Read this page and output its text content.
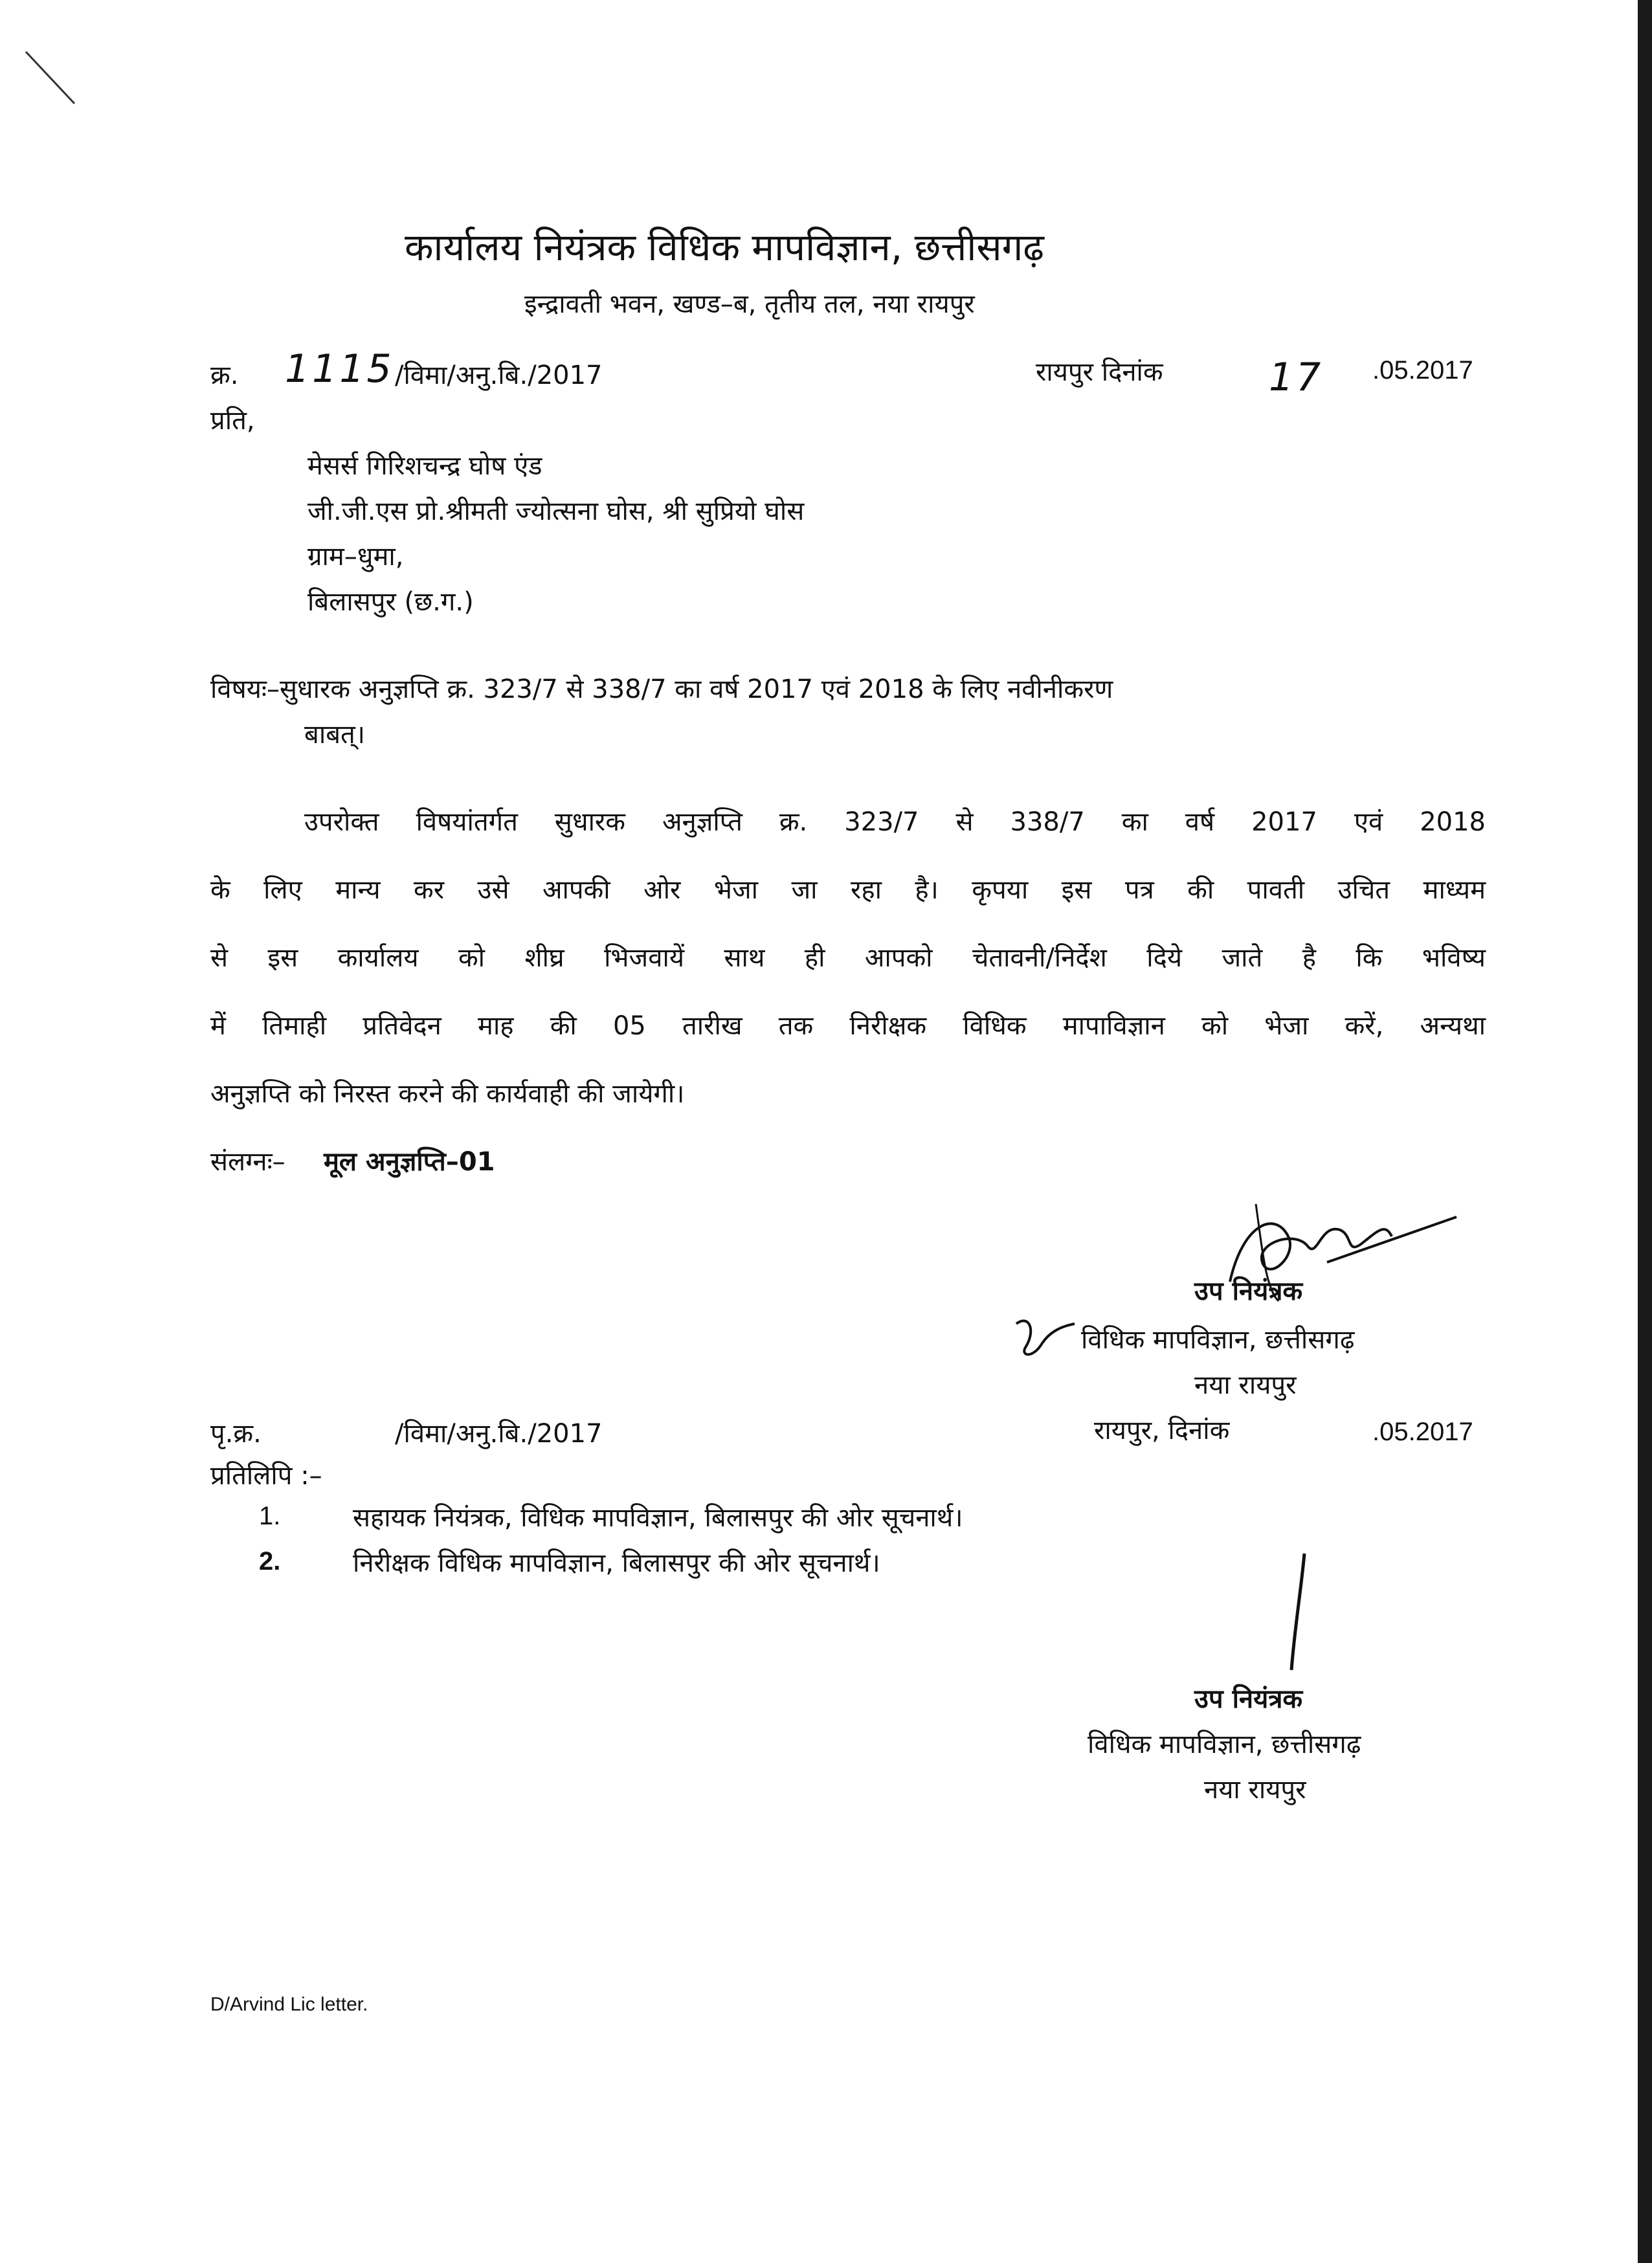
कार्यालय नियंत्रक विधिक मापविज्ञान, छत्तीसगढ़
इन्द्रावती भवन, खण्ड–ब, तृतीय तल, नया रायपुर
क्र. 1115 /विमा/अनु.बि./2017	रायपुर दिनांक	17 .05.2017
प्रति,
मेसर्स गिरिशचन्द्र घोष एंड
जी.जी.एस प्रो.श्रीमती ज्योत्सना घोस, श्री सुप्रियो घोस
ग्राम–धुमा,
बिलासपुर (छ.ग.)
विषयः–सुधारक अनुज्ञप्ति क्र. 323/7 से 338/7 का वर्ष 2017 एवं 2018 के लिए नवीनीकरण
बाबत्।
उपरोक्त विषयांतर्गत सुधारक अनुज्ञप्ति क्र. 323/7 से 338/7 का वर्ष 2017 एवं 2018
के लिए मान्य कर उसे आपकी ओर भेजा जा रहा है। कृपया इस पत्र की पावती उचित माध्यम
से इस कार्यालय को शीघ्र भिजवायें साथ ही आपको चेतावनी/निर्देश दिये जाते है कि भविष्य
में तिमाही प्रतिवेदन माह की 05 तारीख तक निरीक्षक विधिक मापाविज्ञान को भेजा करें, अन्यथा
अनुज्ञप्ति को निरस्त करने की कार्यवाही की जायेगी।
संलग्नः– मूल अनुज्ञप्ति–01
उप नियंत्रक
विधिक मापविज्ञान, छत्तीसगढ़
नया रायपुर
पृ.क्र.	/विमा/अनु.बि./2017	रायपुर, दिनांक	.05.2017
प्रतिलिपि :–
1.	सहायक नियंत्रक, विधिक मापविज्ञान, बिलासपुर की ओर सूचनार्थ।
2.	निरीक्षक विधिक मापविज्ञान, बिलासपुर की ओर सूचनार्थ।
उप नियंत्रक
विधिक मापविज्ञान, छत्तीसगढ़
नया रायपुर
D/Arvind Lic letter.
